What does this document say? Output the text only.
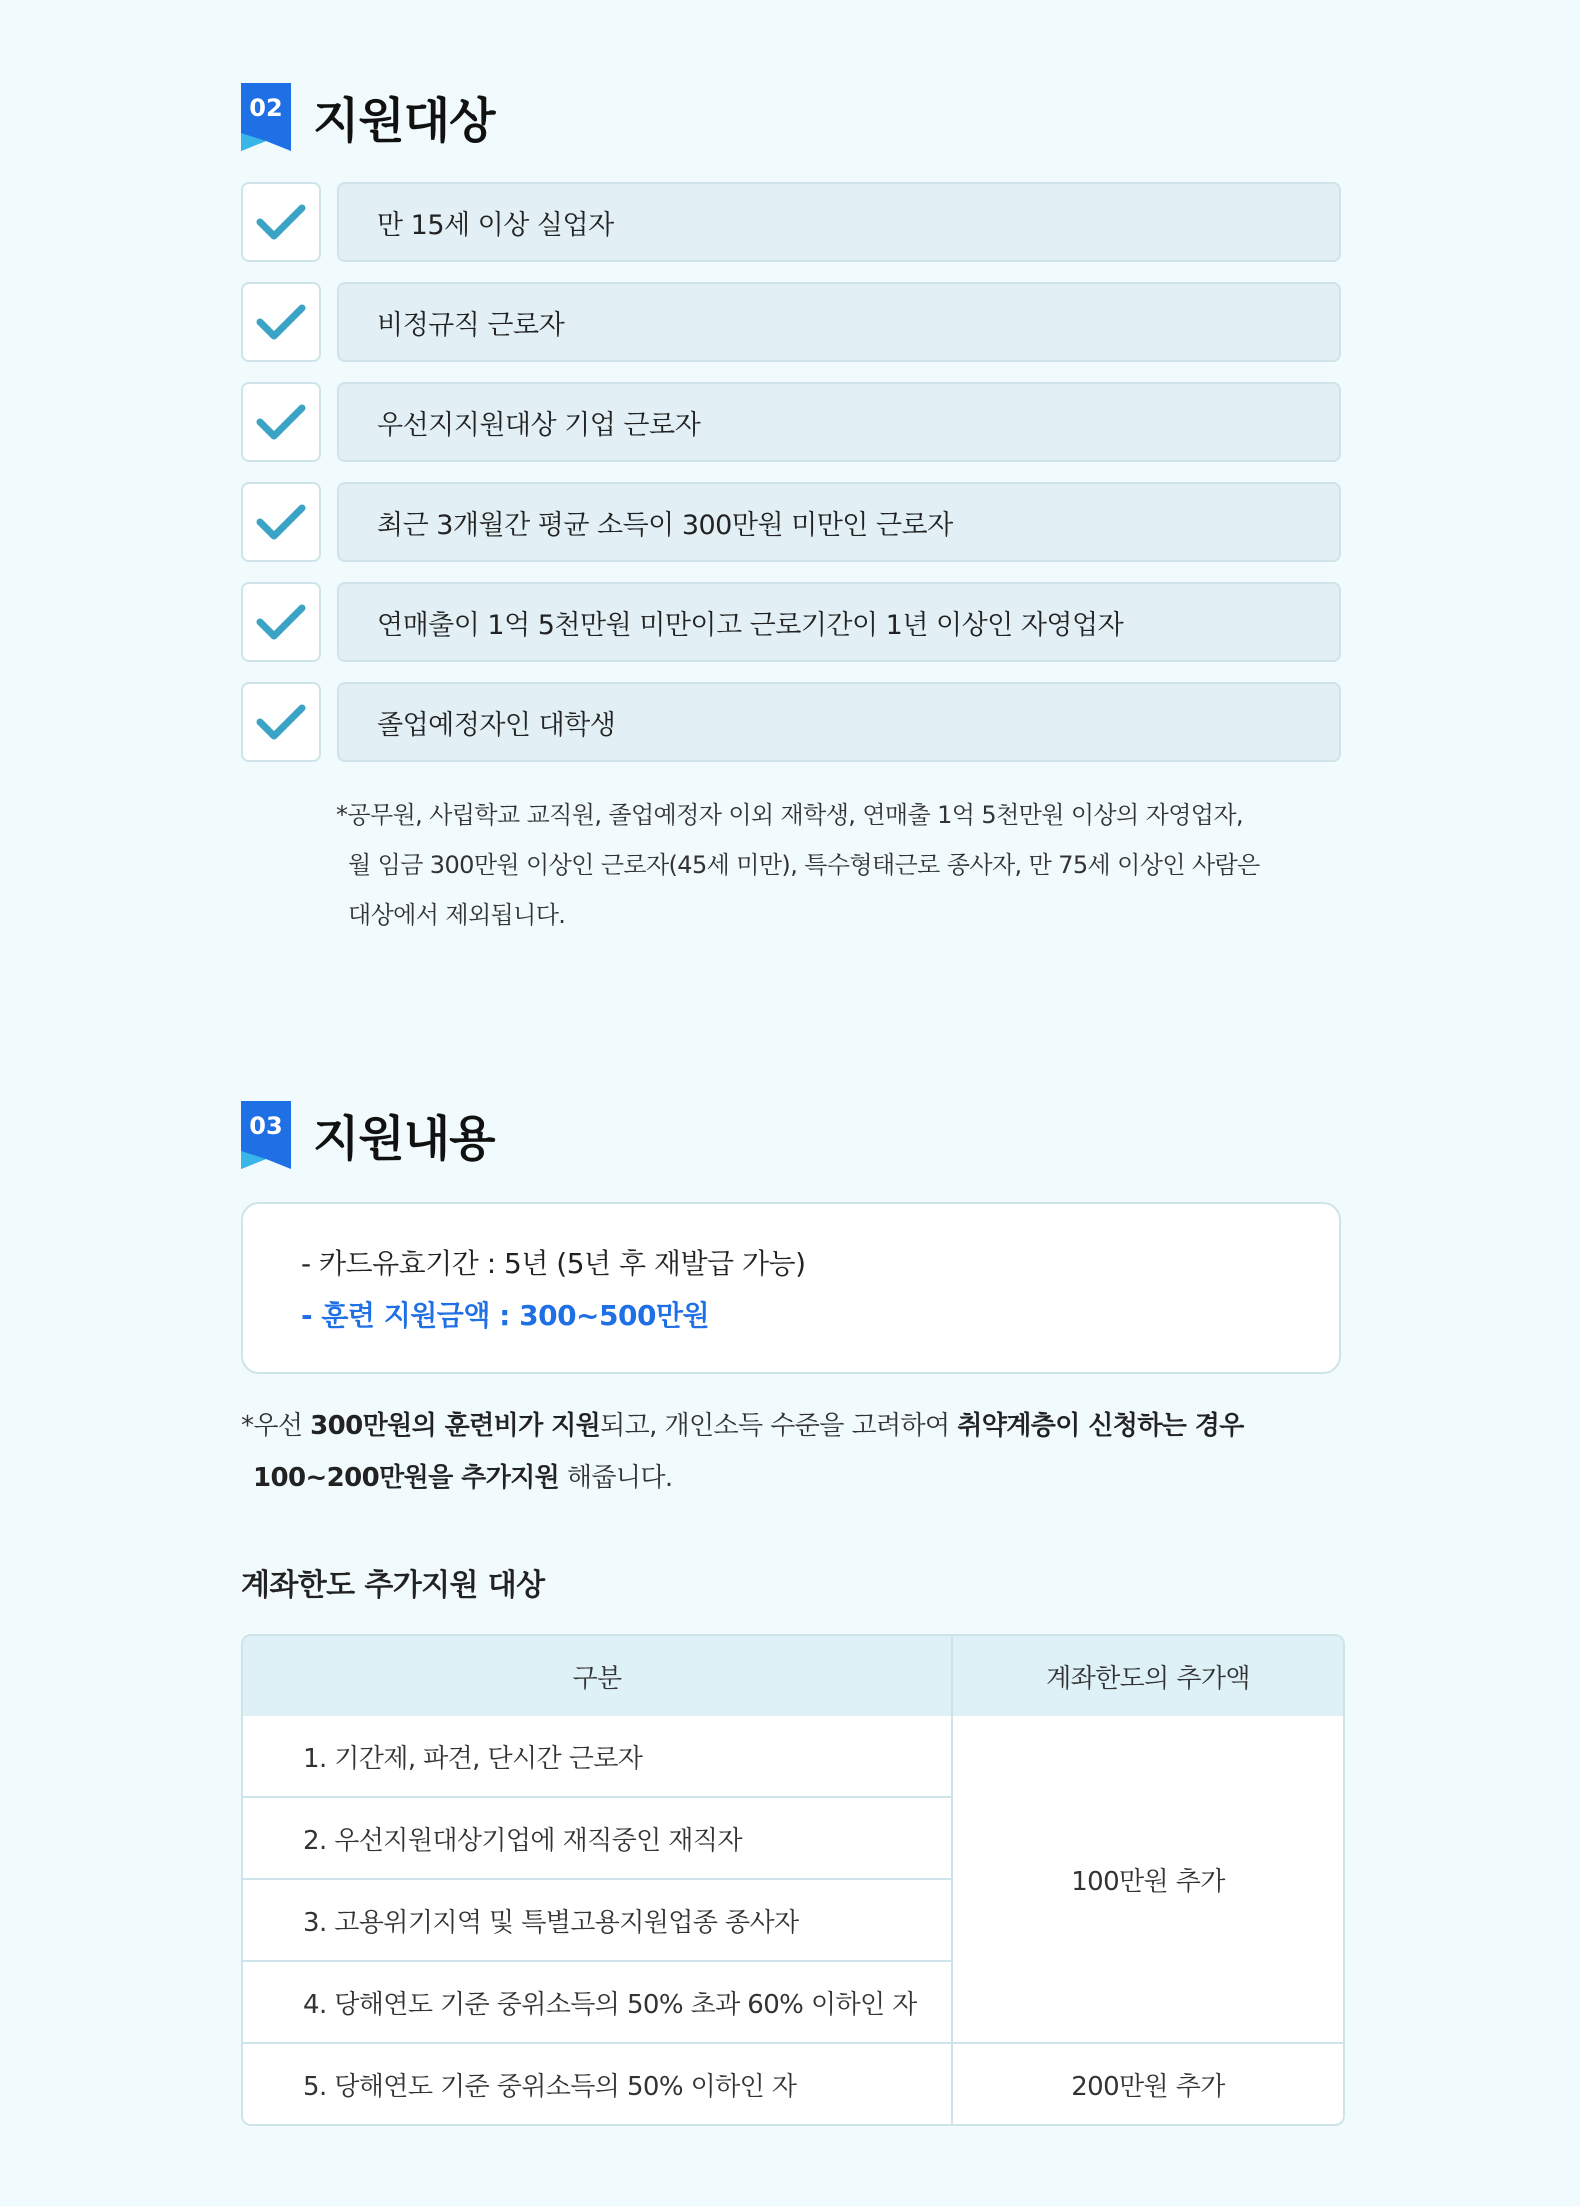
02 지원대상
만 15세 이상 실업자
비정규직 근로자
우선지지원대상 기업 근로자
최근 3개월간 평균 소득이 300만원 미만인 근로자
연매출이 1억 5천만원 미만이고 근로기간이 1년 이상인 자영업자
졸업예정자인 대학생
*공무원, 사립학교 교직원, 졸업예정자 이외 재학생, 연매출 1억 5천만원 이상의 자영업자,
월 임금 300만원 이상인 근로자(45세 미만), 특수형태근로 종사자, 만 75세 이상인 사람은
대상에서 제외됩니다.
03 지원내용
- 카드유효기간 : 5년 (5년 후 재발급 가능)
- 훈련 지원금액 : 300~500만원
*우선 300만원의 훈련비가 지원되고, 개인소득 수준을 고려하여 취약계층이 신청하는 경우
100~200만원을 추가지원 해줍니다.
계좌한도 추가지원 대상
구분	계좌한도의 추가액
1. 기간제, 파견, 단시간 근로자
2. 우선지원대상기업에 재직중인 재직자
3. 고용위기지역 및 특별고용지원업종 종사자
4. 당해연도 기준 중위소득의 50% 초과 60% 이하인 자
5. 당해연도 기준 중위소득의 50% 이하인 자
100만원 추가
200만원 추가
